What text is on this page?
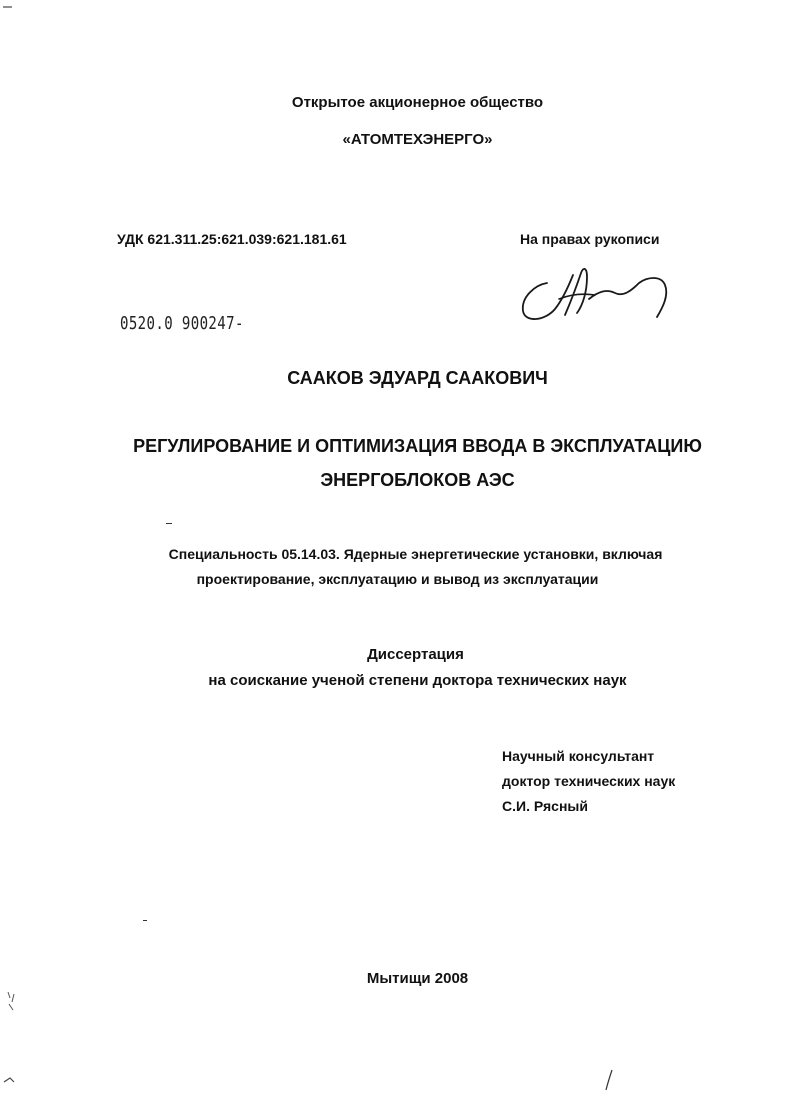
Открытое акционерное общество
«АТОМТЕХЭНЕРГО»
УДК 621.311.25:621.039:621.181.61	На правах рукописи
0520.0 900247-
СААКОВ ЭДУАРД СААКОВИЧ
РЕГУЛИРОВАНИЕ И ОПТИМИЗАЦИЯ ВВОДА В ЭКСПЛУАТАЦИЮ
ЭНЕРГОБЛОКОВ АЭС
Специальность 05.14.03. Ядерные энергетические установки, включая
проектирование, эксплуатацию и вывод из эксплуатации
Диссертация
на соискание ученой степени доктора технических наук
Научный консультант
доктор технических наук
С.И. Рясный
Мытищи 2008
